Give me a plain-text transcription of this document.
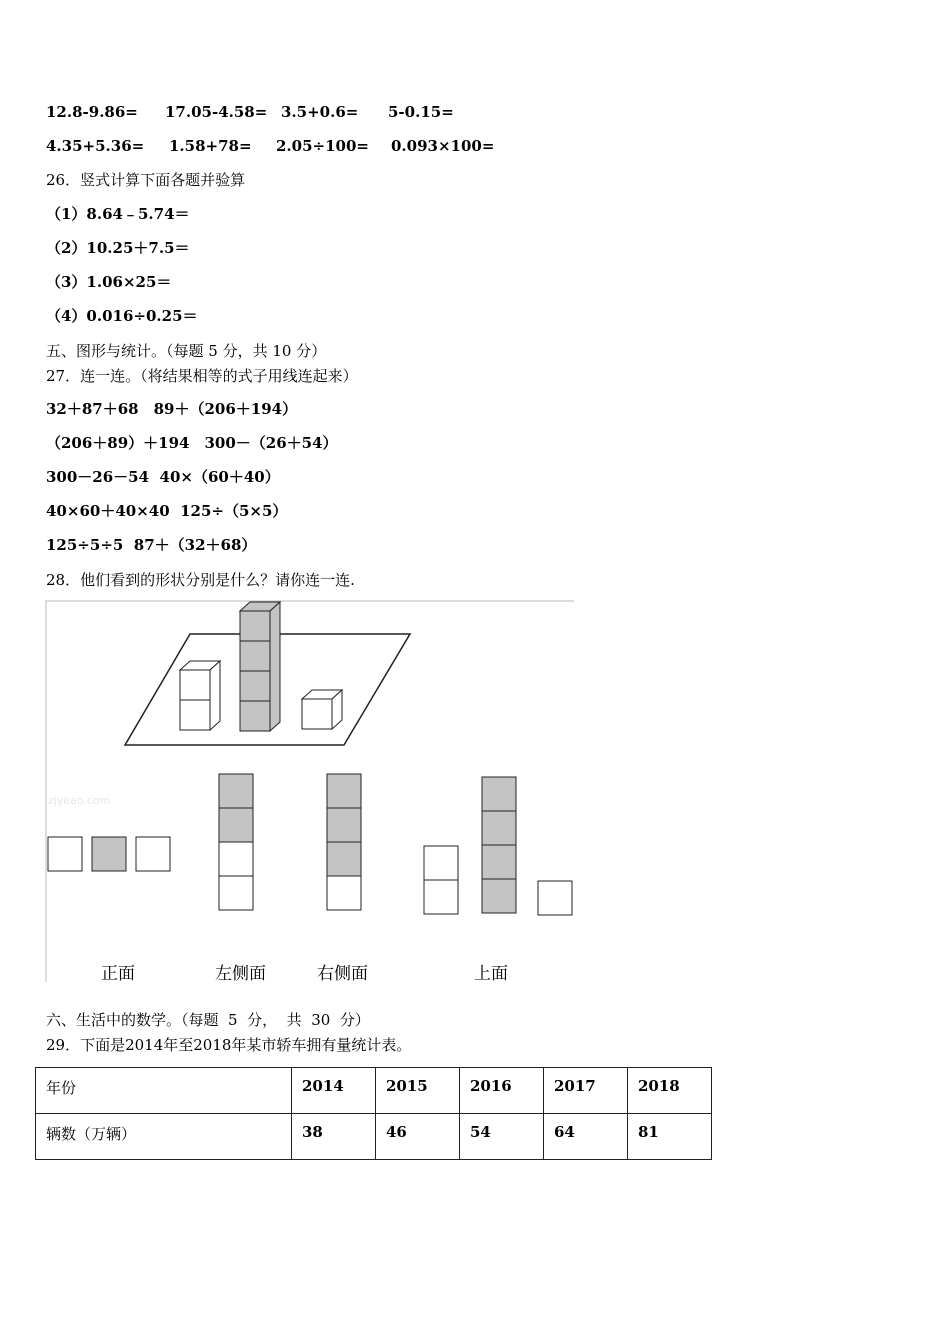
12.8-9.86= 17.05-4.58= 3.5+0.6= 5-0.15=
4.35+5.36= 1.58+78= 2.05÷100= 0.093×100=
26．竖式计算下面各题并验算
（1）8.64﹣5.74＝
（2）10.25＋7.5＝
（3）1.06×25＝
（4）0.016÷0.25＝
五、图形与统计。（每题 5 分，共 10 分）
27．连一连。（将结果相等的式子用线连起来）
32＋87＋68　89＋（206＋194）
（206＋89）＋194　300－（26＋54）
300－26－54  40×（60＋40）
40×60＋40×40  125÷（5×5）
125÷5÷5  87＋（32＋68）
28．他们看到的形状分别是什么？请你连一连.
zjyeao.com
正面	左侧面	右侧面	上面
六、生活中的数学。（每题  5  分，  共  30  分）
29．下面是2014年至2018年某市轿车拥有量统计表。
年份	2014	2015	2016	2017	2018
辆数（万辆）	38	46	54	64	81
